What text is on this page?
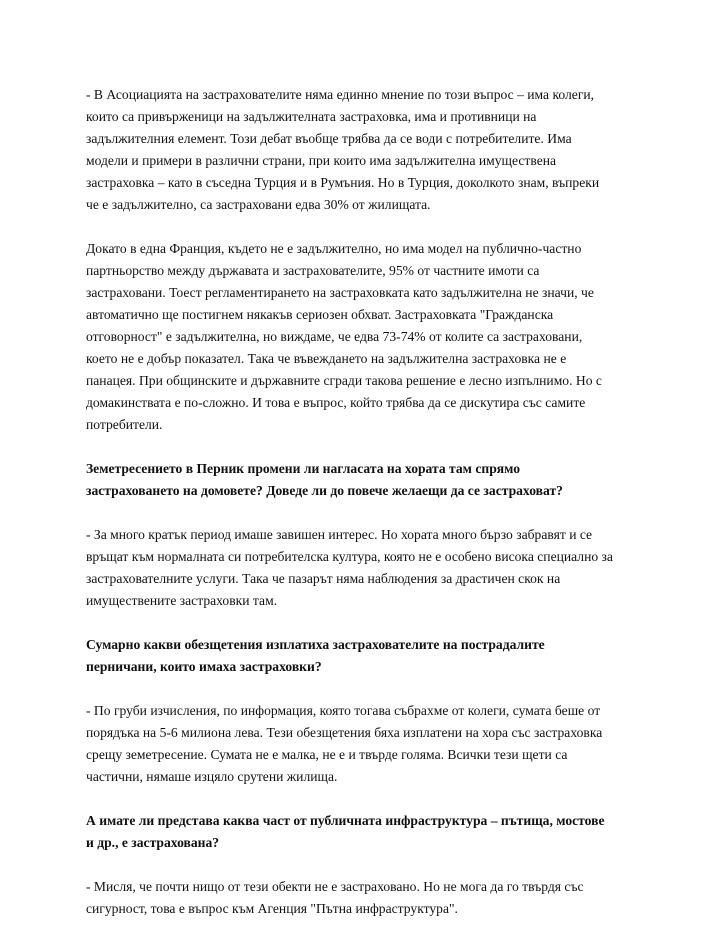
- В Асоциацията на застрахователите няма единно мнение по този въпрос – има колеги,
които са привърженици на задължителната застраховка, има и противници на
задължителния елемент. Този дебат въобще трябва да се води с потребителите. Има
модели и примери в различни страни, при които има задължителна имуществена
застраховка – като в съседна Турция и в Румъния. Но в Турция, доколкото знам, въпреки
че е задължително, са застраховани едва 30% от жилищата.

Докато в една Франция, където не е задължително, но има модел на публично-частно
партньорство между държавата и застрахователите, 95% от частните имоти са
застраховани. Тоест регламентирането на застраховката като задължителна не значи, че
автоматично ще постигнем някакъв сериозен обхват. Застраховката "Гражданска
отговорност" е задължителна, но виждаме, че едва 73-74% от колите са застраховани,
което не е добър показател. Така че въвеждането на задължителна застраховка не е
панацея. При общинските и държавните сгради такова решение е лесно изпълнимо. Но с
домакинствата е по-сложно. И това е въпрос, който трябва да се дискутира със самите
потребители.

Земетресението в Перник промени ли нагласата на хората там спрямо
застраховането на домовете? Доведе ли до повече желаещи да се застраховат?

- За много кратък период имаше завишен интерес. Но хората много бързо забравят и се
връщат към нормалната си потребителска култура, която не е особено висока специално за
застрахователните услуги. Така че пазарът няма наблюдения за драстичен скок на
имуществените застраховки там.

Сумарно какви обезщетения изплатиха застрахователите на пострадалите
перничани, които имаха застраховки?

- По груби изчисления, по информация, която тогава събрахме от колеги, сумата беше от
порядъка на 5-6 милиона лева. Тези обезщетения бяха изплатени на хора със застраховка
срещу земетресение. Сумата не е малка, не е и твърде голяма. Всички тези щети са
частични, нямаше изцяло срутени жилища.

А имате ли представа каква част от публичната инфраструктура – пътища, мостове
и др., е застрахована?

- Мисля, че почти нищо от тези обекти не е застраховано. Но не мога да го твърдя със
сигурност, това е въпрос към Агенция "Пътна инфраструктура".
